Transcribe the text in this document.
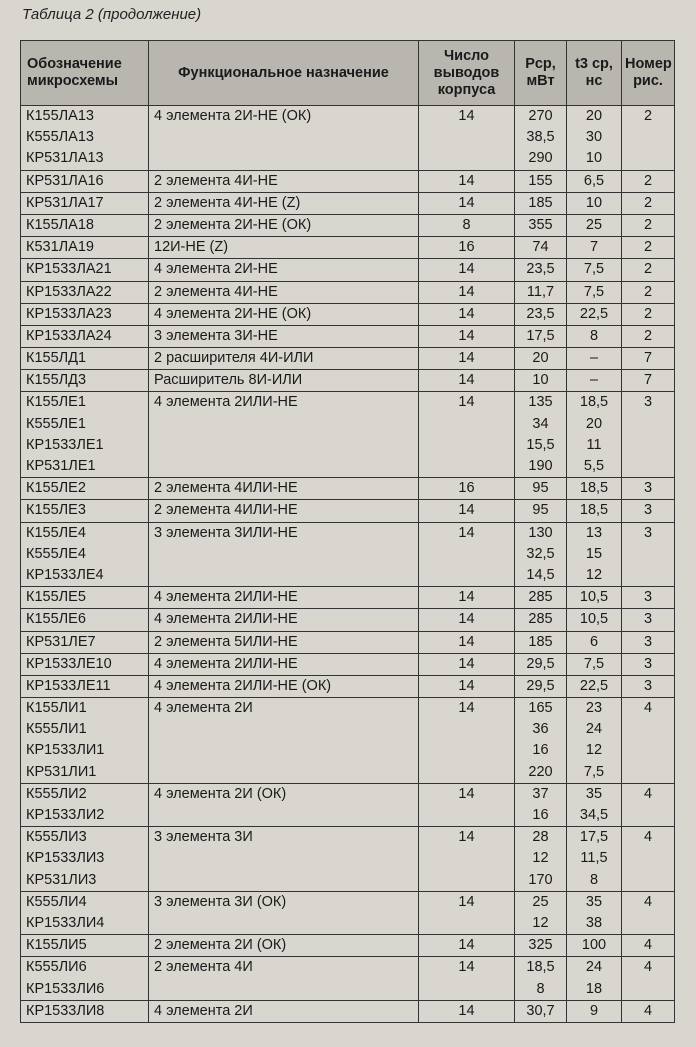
Таблица 2 (продолжение)
Обозначение микросхемы	Функциональное назначение	Число выводов корпуса	Рср, мВт	t3 ср, нс	Номер рис.
К155ЛА13	4 элемента 2И-НЕ (ОК)	14	270	20	2
К555ЛА13			38,5	30	
КР531ЛА13			290	10	
КР531ЛА16	2 элемента 4И-НЕ	14	155	6,5	2
КР531ЛА17	2 элемента 4И-НЕ (Z)	14	185	10	2
К155ЛА18	2 элемента 2И-НЕ (ОК)	8	355	25	2
К531ЛА19	12И-НЕ (Z)	16	74	7	2
КР1533ЛА21	4 элемента 2И-НЕ	14	23,5	7,5	2
КР1533ЛА22	2 элемента 4И-НЕ	14	11,7	7,5	2
КР1533ЛА23	4 элемента 2И-НЕ (ОК)	14	23,5	22,5	2
КР1533ЛА24	3 элемента 3И-НЕ	14	17,5	8	2
К155ЛД1	2 расширителя 4И-ИЛИ	14	20	–	7
К155ЛД3	Расширитель 8И-ИЛИ	14	10	–	7
К155ЛЕ1	4 элемента 2ИЛИ-НЕ	14	135	18,5	3
К555ЛЕ1			34	20	
КР1533ЛЕ1			15,5	11	
КР531ЛЕ1			190	5,5	
К155ЛЕ2	2 элемента 4ИЛИ-НЕ	16	95	18,5	3
К155ЛЕ3	2 элемента 4ИЛИ-НЕ	14	95	18,5	3
К155ЛЕ4	3 элемента 3ИЛИ-НЕ	14	130	13	3
К555ЛЕ4			32,5	15	
КР1533ЛЕ4			14,5	12	
К155ЛЕ5	4 элемента 2ИЛИ-НЕ	14	285	10,5	3
К155ЛЕ6	4 элемента 2ИЛИ-НЕ	14	285	10,5	3
КР531ЛЕ7	2 элемента 5ИЛИ-НЕ	14	185	6	3
КР1533ЛЕ10	4 элемента 2ИЛИ-НЕ	14	29,5	7,5	3
КР1533ЛЕ11	4 элемента 2ИЛИ-НЕ (ОК)	14	29,5	22,5	3
К155ЛИ1	4 элемента 2И	14	165	23	4
К555ЛИ1			36	24	
КР1533ЛИ1			16	12	
КР531ЛИ1			220	7,5	
К555ЛИ2	4 элемента 2И (ОК)	14	37	35	4
КР1533ЛИ2			16	34,5	
К555ЛИ3	3 элемента 3И	14	28	17,5	4
КР1533ЛИ3			12	11,5	
КР531ЛИ3			170	8	
К555ЛИ4	3 элемента 3И (ОК)	14	25	35	4
КР1533ЛИ4			12	38	
К155ЛИ5	2 элемента 2И (ОК)	14	325	100	4
К555ЛИ6	2 элемента 4И	14	18,5	24	4
КР1533ЛИ6			8	18	
КР1533ЛИ8	4 элемента 2И	14	30,7	9	4
